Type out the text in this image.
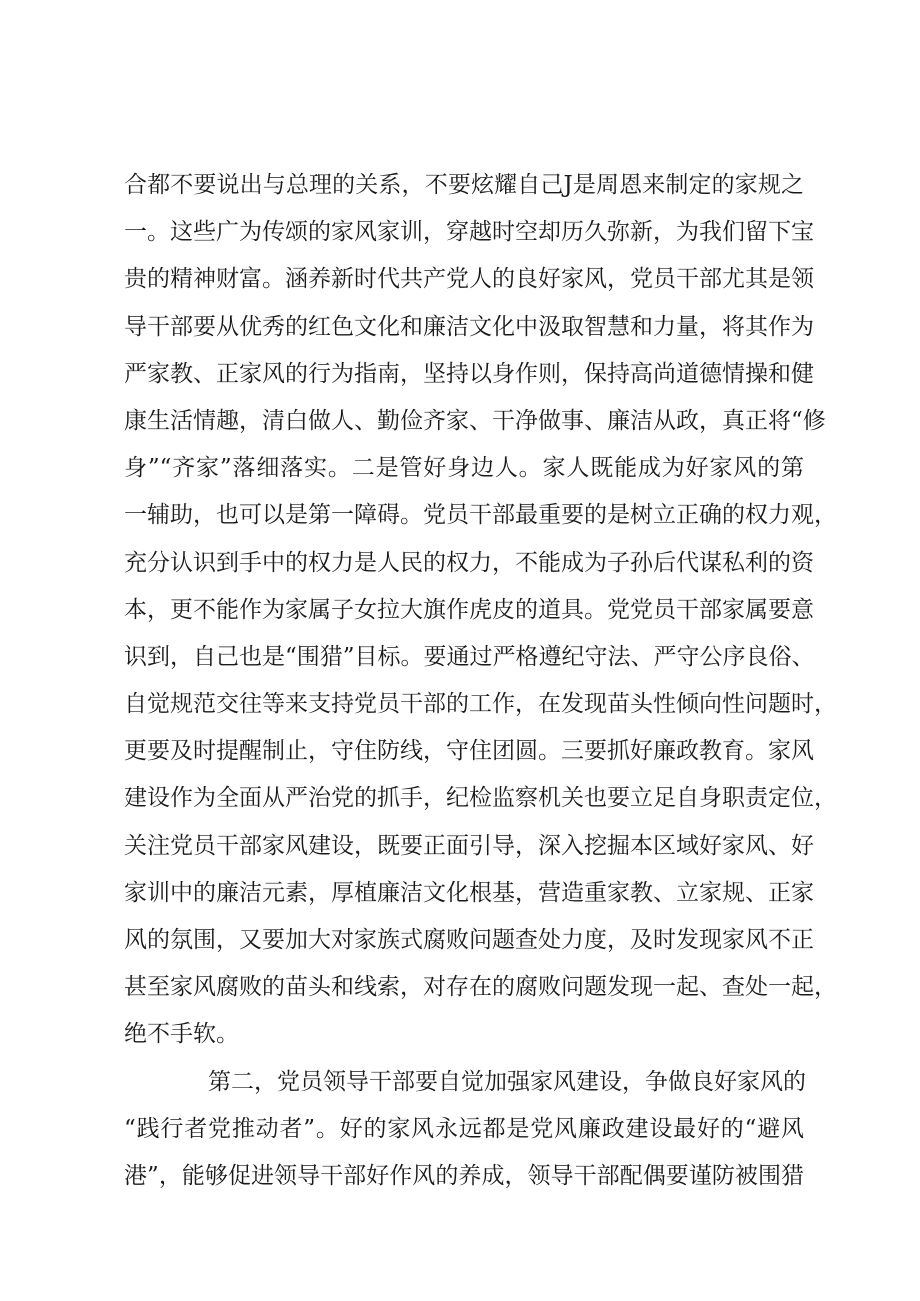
合都不要说出与总理的关系，不要炫耀自己J是周恩来制定的家规之
一。这些广为传颂的家风家训，穿越时空却历久弥新，为我们留下宝
贵的精神财富。涵养新时代共产党人的良好家风，党员干部尤其是领
导干部要从优秀的红色文化和廉洁文化中汲取智慧和力量，将其作为
严家教、正家风的行为指南，坚持以身作则，保持高尚道德情操和健
康生活情趣，清白做人、勤俭齐家、干净做事、廉洁从政，真正将“修
身”“齐家”落细落实。二是管好身边人。家人既能成为好家风的第
一辅助，也可以是第一障碍。党员干部最重要的是树立正确的权力观，
充分认识到手中的权力是人民的权力，不能成为子孙后代谋私利的资
本，更不能作为家属子女拉大旗作虎皮的道具。党党员干部家属要意
识到，自己也是“围猎”目标。要通过严格遵纪守法、严守公序良俗、
自觉规范交往等来支持党员干部的工作，在发现苗头性倾向性问题时，
更要及时提醒制止，守住防线，守住团圆。三要抓好廉政教育。家风
建设作为全面从严治党的抓手，纪检监察机关也要立足自身职责定位，
关注党员干部家风建设，既要正面引导，深入挖掘本区域好家风、好
家训中的廉洁元素，厚植廉洁文化根基，营造重家教、立家规、正家
风的氛围，又要加大对家族式腐败问题查处力度，及时发现家风不正
甚至家风腐败的苗头和线索，对存在的腐败问题发现一起、查处一起，
绝不手软。
第二，党员领导干部要自觉加强家风建设，争做良好家风的
“践行者党推动者”。好的家风永远都是党风廉政建设最好的“避风
港”，能够促进领导干部好作风的养成，领导干部配偶要谨防被围猎
